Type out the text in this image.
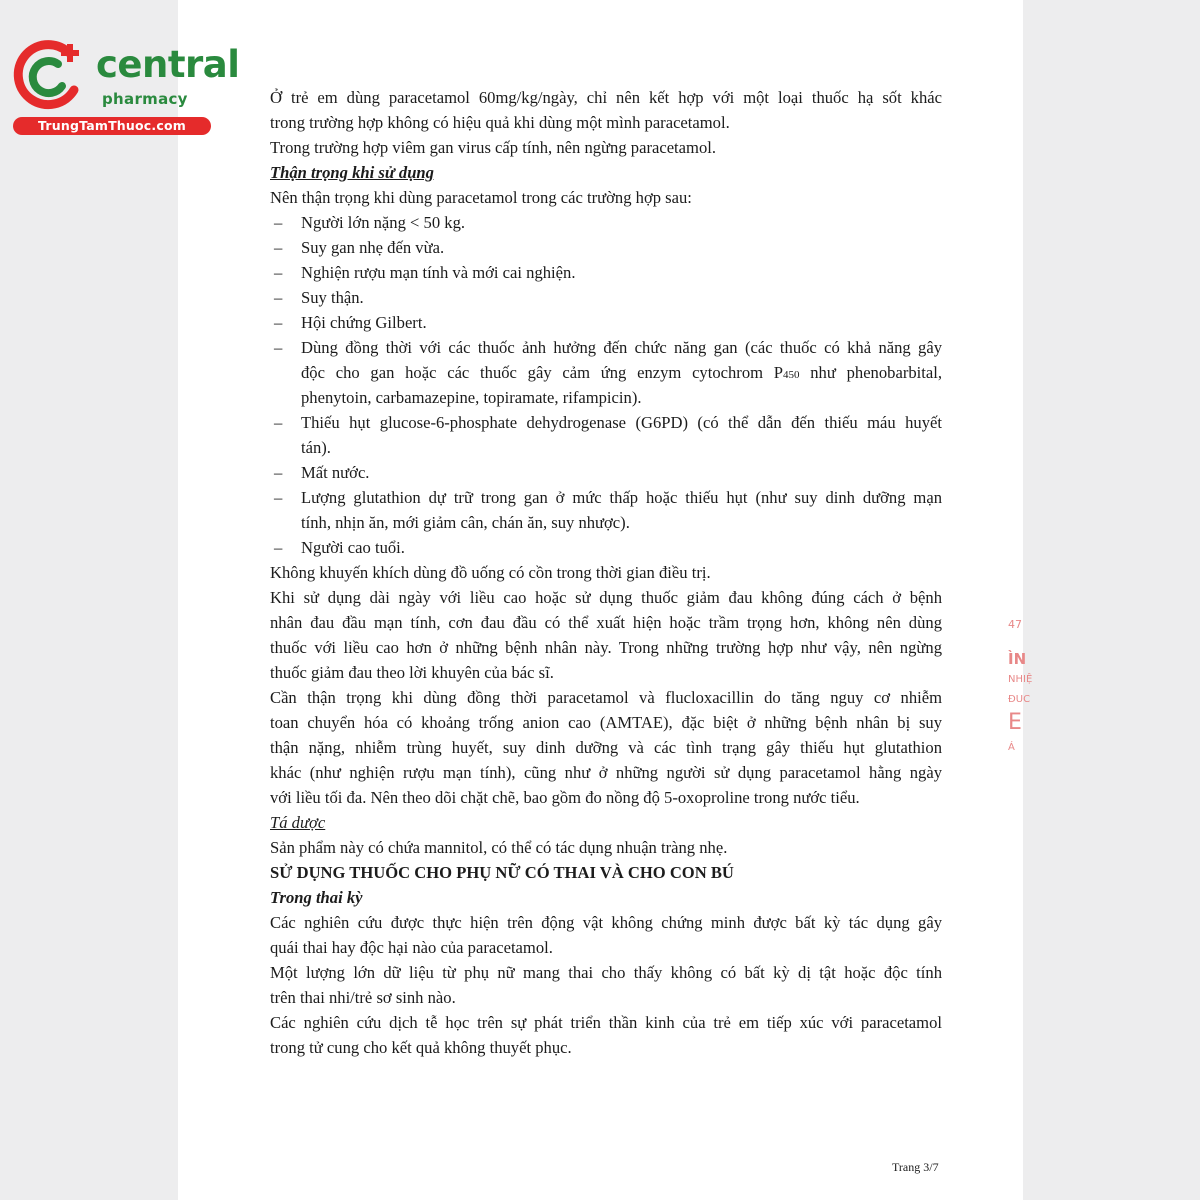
central
pharmacy
TrungTamThuoc.com
47
ÌN
NHIỆ
ĐUC
E
Á
Ở trẻ em dùng paracetamol 60mg/kg/ngày, chỉ nên kết hợp với một loại thuốc hạ sốt khác
trong trường hợp không có hiệu quả khi dùng một mình paracetamol.
Trong trường hợp viêm gan virus cấp tính, nên ngừng paracetamol.
Thận trọng khi sử dụng
Nên thận trọng khi dùng paracetamol trong các trường hợp sau:
– Người lớn nặng < 50 kg.
– Suy gan nhẹ đến vừa.
– Nghiện rượu mạn tính và mới cai nghiện.
– Suy thận.
– Hội chứng Gilbert.
– Dùng đồng thời với các thuốc ảnh hưởng đến chức năng gan (các thuốc có khả năng gây
độc cho gan hoặc các thuốc gây cảm ứng enzym cytochrom P450 như phenobarbital,
phenytoin, carbamazepine, topiramate, rifampicin).
– Thiếu hụt glucose-6-phosphate dehydrogenase (G6PD) (có thể dẫn đến thiếu máu huyết
tán).
– Mất nước.
– Lượng glutathion dự trữ trong gan ở mức thấp hoặc thiếu hụt (như suy dinh dưỡng mạn
tính, nhịn ăn, mới giảm cân, chán ăn, suy nhược).
– Người cao tuổi.
Không khuyến khích dùng đồ uống có cồn trong thời gian điều trị.
Khi sử dụng dài ngày với liều cao hoặc sử dụng thuốc giảm đau không đúng cách ở bệnh
nhân đau đầu mạn tính, cơn đau đầu có thể xuất hiện hoặc trầm trọng hơn, không nên dùng
thuốc với liều cao hơn ở những bệnh nhân này. Trong những trường hợp như vậy, nên ngừng
thuốc giảm đau theo lời khuyên của bác sĩ.
Cần thận trọng khi dùng đồng thời paracetamol và flucloxacillin do tăng nguy cơ nhiễm
toan chuyển hóa có khoảng trống anion cao (AMTAE), đặc biệt ở những bệnh nhân bị suy
thận nặng, nhiễm trùng huyết, suy dinh dưỡng và các tình trạng gây thiếu hụt glutathion
khác (như nghiện rượu mạn tính), cũng như ở những người sử dụng paracetamol hằng ngày
với liều tối đa. Nên theo dõi chặt chẽ, bao gồm đo nồng độ 5-oxoproline trong nước tiểu.
Tá dược
Sản phẩm này có chứa mannitol, có thể có tác dụng nhuận tràng nhẹ.
SỬ DỤNG THUỐC CHO PHỤ NỮ CÓ THAI VÀ CHO CON BÚ
Trong thai kỳ
Các nghiên cứu được thực hiện trên động vật không chứng minh được bất kỳ tác dụng gây
quái thai hay độc hại nào của paracetamol.
Một lượng lớn dữ liệu từ phụ nữ mang thai cho thấy không có bất kỳ dị tật hoặc độc tính
trên thai nhi/trẻ sơ sinh nào.
Các nghiên cứu dịch tễ học trên sự phát triển thần kinh của trẻ em tiếp xúc với paracetamol
trong tử cung cho kết quả không thuyết phục.
Trang 3/7
